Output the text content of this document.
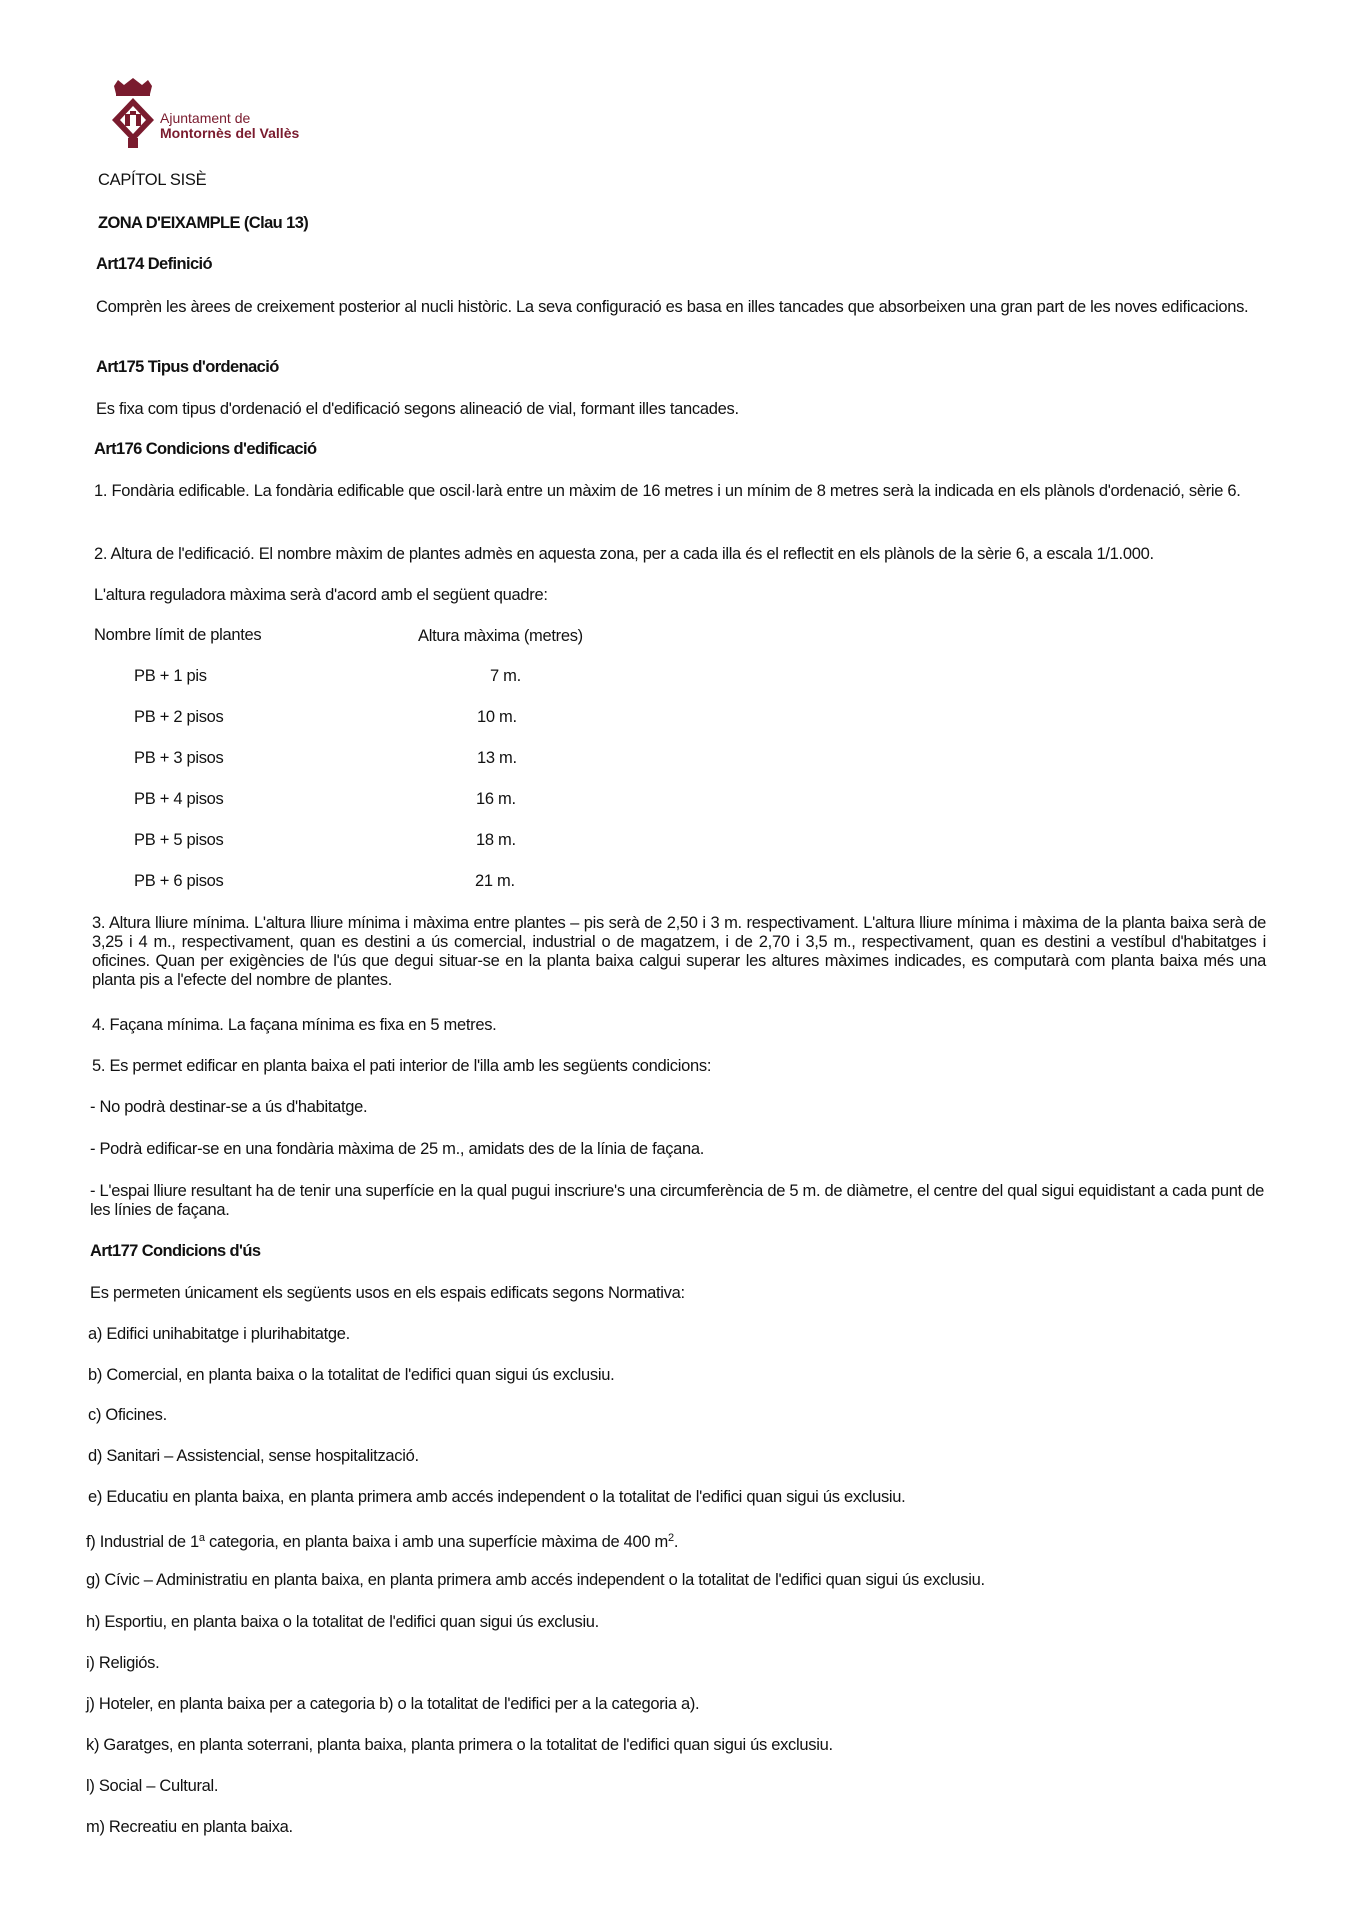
Ajuntament de
Montornès del Vallès
CAPÍTOL SISÈ
ZONA D'EIXAMPLE (Clau 13)
Art174 Definició
Comprèn les àrees de creixement posterior al nucli històric. La seva configuració es basa en illes tancades que absorbeixen una gran part de les noves edificacions.
Art175 Tipus d'ordenació
Es fixa com tipus d'ordenació el d'edificació segons alineació de vial, formant illes tancades.
Art176 Condicions d'edificació
1. Fondària edificable. La fondària edificable que oscil·larà entre un màxim de 16 metres i un mínim de 8 metres serà la indicada en els plànols d'ordenació, sèrie 6.
2. Altura de l'edificació. El nombre màxim de plantes admès en aquesta zona, per a cada illa és el reflectit en els plànols de la sèrie 6, a escala 1/1.000.
L'altura reguladora màxima serà d'acord amb el següent quadre:
Nombre límit de plantes	Altura màxima (metres)
PB + 1 pis	7 m.
PB + 2 pisos	10 m.
PB + 3 pisos	13 m.
PB + 4 pisos	16 m.
PB + 5 pisos	18 m.
PB + 6 pisos	21 m.
3. Altura lliure mínima. L'altura lliure mínima i màxima entre plantes – pis serà de 2,50 i 3 m. respectivament. L'altura lliure mínima i màxima de la planta baixa serà de 3,25 i 4 m., respectivament, quan es destini a ús comercial, industrial o de magatzem, i de 2,70 i 3,5 m., respectivament, quan es destini a vestíbul d'habitatges i oficines. Quan per exigències de l'ús que degui situar-se en la planta baixa calgui superar les altures màximes indicades, es computarà com planta baixa més una planta pis a l'efecte del nombre de plantes.
4. Façana mínima. La façana mínima es fixa en 5 metres.
5. Es permet edificar en planta baixa el pati interior de l'illa amb les següents condicions:
- No podrà destinar-se a ús d'habitatge.
- Podrà edificar-se en una fondària màxima de 25 m., amidats des de la línia de façana.
- L'espai lliure resultant ha de tenir una superfície en la qual pugui inscriure's una circumferència de 5 m. de diàmetre, el centre del qual sigui equidistant a cada punt de les línies de façana.
Art177 Condicions d'ús
Es permeten únicament els següents usos en els espais edificats segons Normativa:
a) Edifici unihabitatge i plurihabitatge.
b) Comercial, en planta baixa o la totalitat de l'edifici quan sigui ús exclusiu.
c) Oficines.
d) Sanitari – Assistencial, sense hospitalització.
e) Educatiu en planta baixa, en planta primera amb accés independent o la totalitat de l'edifici quan sigui ús exclusiu.
f) Industrial de 1$^a$ categoria, en planta baixa i amb una superfície màxima de 400 $m^2$.
g) Cívic – Administratiu en planta baixa, en planta primera amb accés independent o la totalitat de l'edifici quan sigui ús exclusiu.
h) Esportiu, en planta baixa o la totalitat de l'edifici quan sigui ús exclusiu.
i) Religiós.
j) Hoteler, en planta baixa per a categoria b) o la totalitat de l'edifici per a la categoria a).
k) Garatges, en planta soterrani, planta baixa, planta primera o la totalitat de l'edifici quan sigui ús exclusiu.
l) Social – Cultural.
m) Recreatiu en planta baixa.
